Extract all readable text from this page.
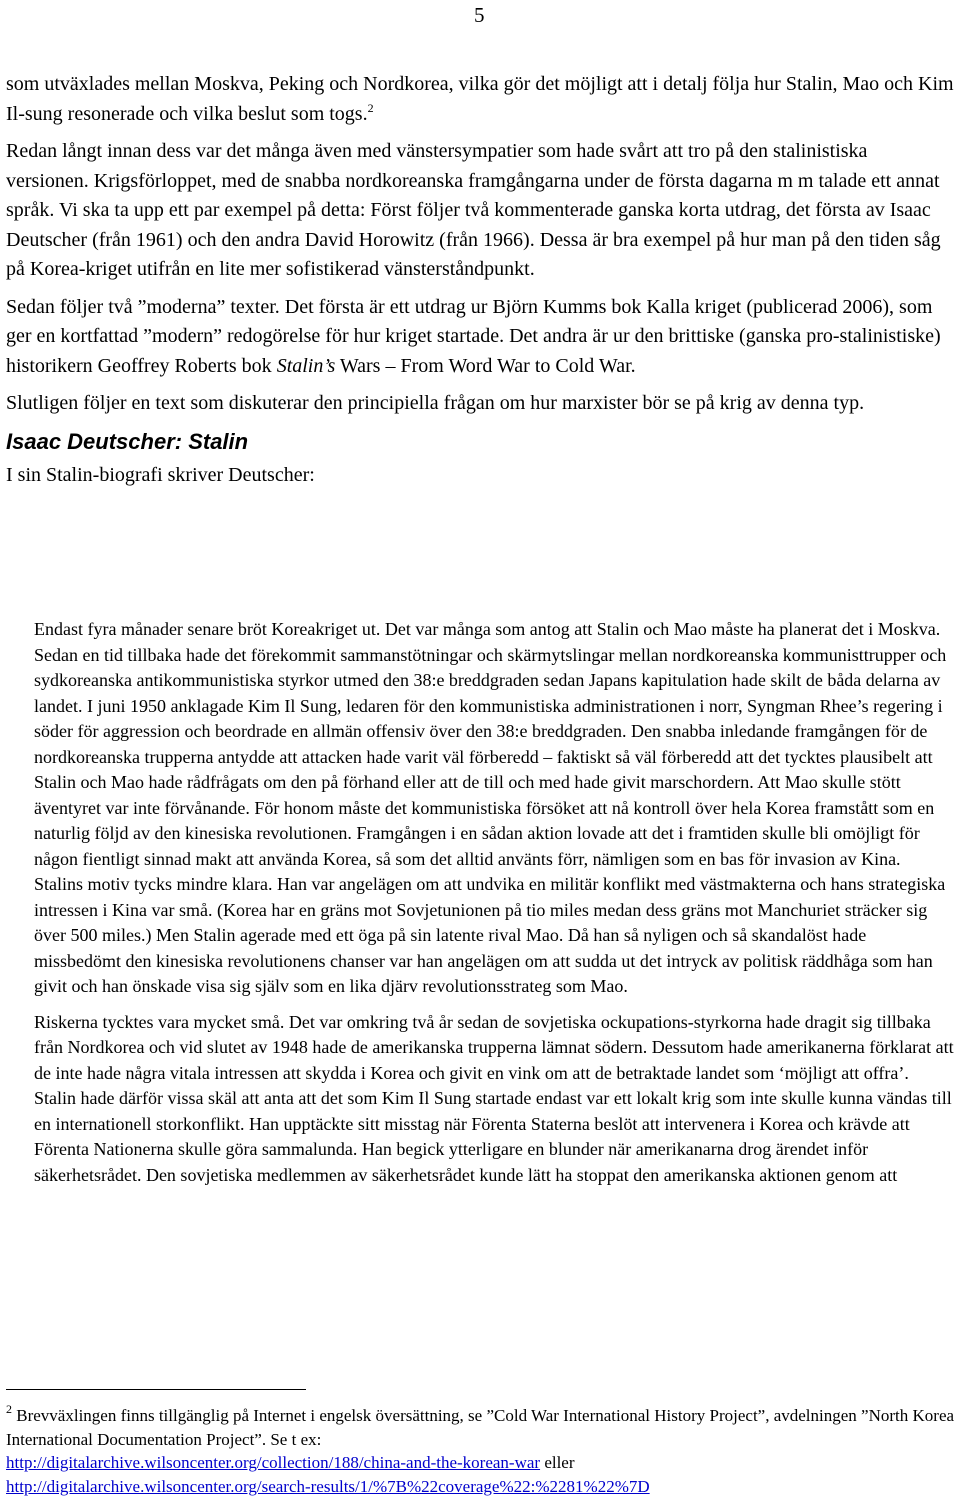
5

som utväxlades mellan Moskva, Peking och Nordkorea, vilka gör det möjligt att i detalj följa hur Stalin, Mao och Kim Il-sung resonerade och vilka beslut som togs.$^2$

Redan långt innan dess var det många även med vänstersympatier som hade svårt att tro på den stalinistiska versionen. Krigsförloppet, med de snabba nordkoreanska framgångarna under de första dagarna m m talade ett annat språk. Vi ska ta upp ett par exempel på detta: Först följer två kommenterade ganska korta utdrag, det första av Isaac Deutscher (från 1961) och den andra David Horowitz (från 1966). Dessa är bra exempel på hur man på den tiden såg på Korea-kriget utifrån en lite mer sofistikerad vänsterståndpunkt.

Sedan följer två ”moderna” texter. Det första är ett utdrag ur Björn Kumms bok Kalla kriget (publicerad 2006), som ger en kortfattad ”modern” redogörelse för hur kriget startade. Det andra är ur den brittiske (ganska pro-stalinistiske) historikern Geoffrey Roberts bok Stalin’s Wars – From Word War to Cold War.

Slutligen följer en text som diskuterar den principiella frågan om hur marxister bör se på krig av denna typ.

Isaac Deutscher: Stalin

I sin Stalin-biografi skriver Deutscher:

Endast fyra månader senare bröt Koreakriget ut. Det var många som antog att Stalin och Mao måste ha planerat det i Moskva. Sedan en tid tillbaka hade det förekommit sammanstötningar och skärmytslingar mellan nordkoreanska kommunisttrupper och sydkoreanska antikommunistiska styrkor utmed den 38:e breddgraden sedan Japans kapitulation hade skilt de båda delarna av landet. I juni 1950 anklagade Kim Il Sung, ledaren för den kommunistiska administrationen i norr, Syngman Rhee’s regering i söder för aggression och beordrade en allmän offensiv över den 38:e breddgraden. Den snabba inledande framgången för de nordkoreanska trupperna antydde att attacken hade varit väl förberedd – faktiskt så väl förberedd att det tycktes plausibelt att Stalin och Mao hade rådfrågats om den på förhand eller att de till och med hade givit marschordern. Att Mao skulle stött äventyret var inte förvånande. För honom måste det kommunistiska försöket att nå kontroll över hela Korea framstått som en naturlig följd av den kinesiska revolutionen. Framgången i en sådan aktion lovade att det i framtiden skulle bli omöjligt för någon fientligt sinnad makt att använda Korea, så som det alltid använts förr, nämligen som en bas för invasion av Kina. Stalins motiv tycks mindre klara. Han var angelägen om att undvika en militär konflikt med västmakterna och hans strategiska intressen i Kina var små. (Korea har en gräns mot Sovjetunionen på tio miles medan dess gräns mot Manchuriet sträcker sig över 500 miles.) Men Stalin agerade med ett öga på sin latente rival Mao. Då han så nyligen och så skandalöst hade missbedömt den kinesiska revolutionens chanser var han angelägen om att sudda ut det intryck av politisk räddhåga som han givit och han önskade visa sig själv som en lika djärv revolutionsstrateg som Mao.

Riskerna tycktes vara mycket små. Det var omkring två år sedan de sovjetiska ockupations-styrkorna hade dragit sig tillbaka från Nordkorea och vid slutet av 1948 hade de amerikanska trupperna lämnat södern. Dessutom hade amerikanerna förklarat att de inte hade några vitala intressen att skydda i Korea och givit en vink om att de betraktade landet som ‘möjligt att offra’. Stalin hade därför vissa skäl att anta att det som Kim Il Sung startade endast var ett lokalt krig som inte skulle kunna vändas till en internationell storkonflikt. Han upptäckte sitt misstag när Förenta Staterna beslöt att intervenera i Korea och krävde att Förenta Nationerna skulle göra sammalunda. Han begick ytterligare en blunder när amerikanarna drog ärendet inför säkerhetsrådet. Den sovjetiska medlemmen av säkerhetsrådet kunde lätt ha stoppat den amerikanska aktionen genom att

$^2$ Brevväxlingen finns tillgänglig på Internet i engelsk översättning, se ”Cold War International History Project”, avdelningen ”North Korea International Documentation Project”. Se t ex:

http://digitalarchive.wilsoncenter.org/collection/188/china-and-the-korean-war eller

http://digitalarchive.wilsoncenter.org/search-results/1/%7B%22coverage%22:%2281%22%7D
